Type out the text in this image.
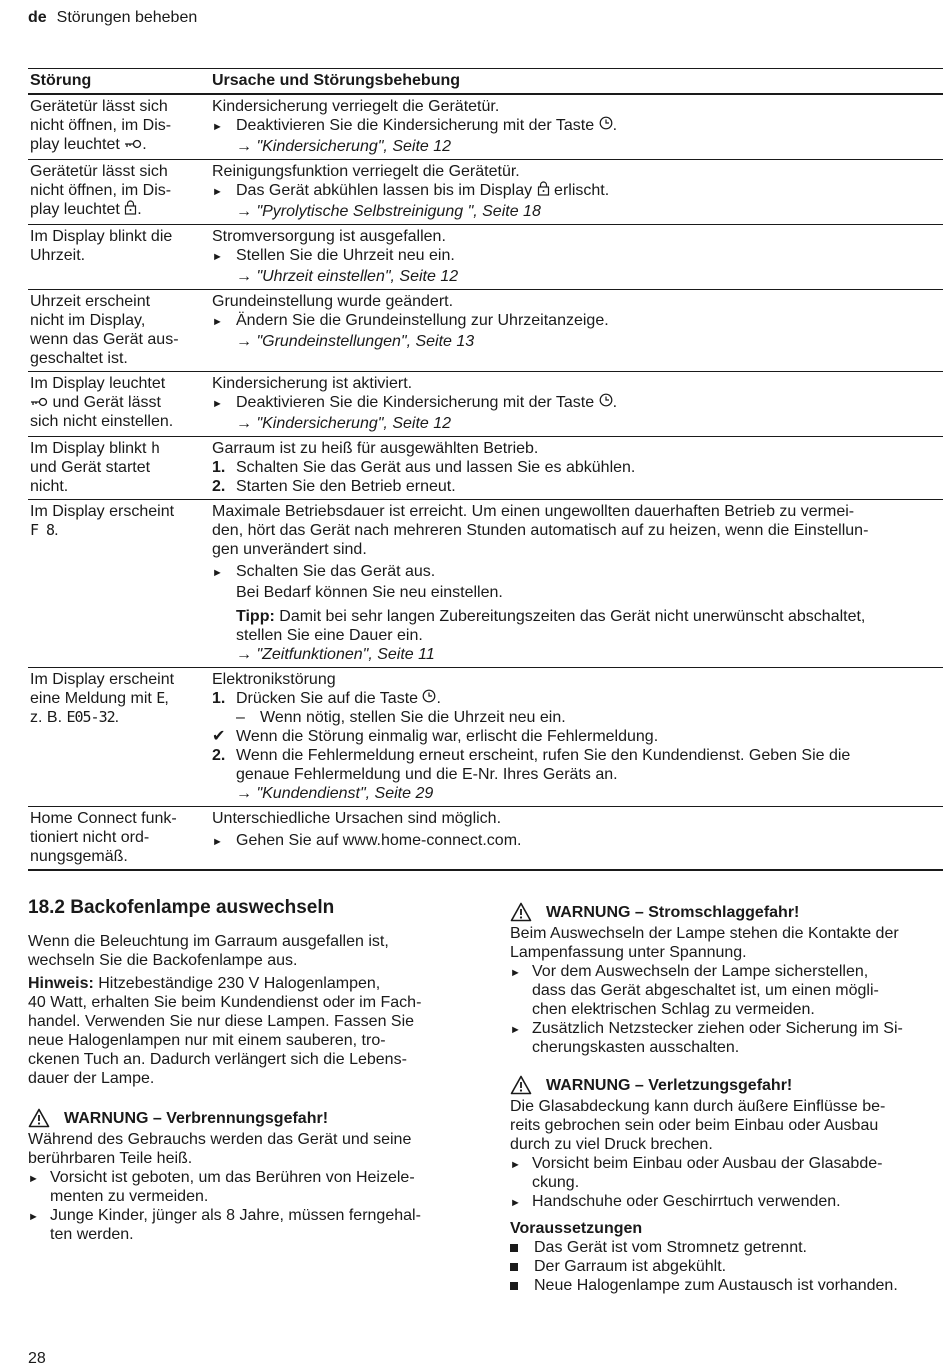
de Störungen beheben
Störung	Ursache und Störungsbehebung
Gerätetür lässt sich
nicht öffnen, im Dis-
play leuchtet .
Kindersicherung verriegelt die Gerätetür.
► Deaktivieren Sie die Kindersicherung mit der Taste .
→ "Kindersicherung", Seite 12
Gerätetür lässt sich
nicht öffnen, im Dis-
play leuchtet .
Reinigungsfunktion verriegelt die Gerätetür.
► Das Gerät abkühlen lassen bis im Display erlischt.
→ "Pyrolytische Selbstreinigung ", Seite 18
Im Display blinkt die
Uhrzeit.
Stromversorgung ist ausgefallen.
► Stellen Sie die Uhrzeit neu ein.
→ "Uhrzeit einstellen", Seite 12
Uhrzeit erscheint
nicht im Display,
wenn das Gerät aus-
geschaltet ist.
Grundeinstellung wurde geändert.
► Ändern Sie die Grundeinstellung zur Uhrzeitanzeige.
→ "Grundeinstellungen", Seite 13
Im Display leuchtet
und Gerät lässt
sich nicht einstellen.
Kindersicherung ist aktiviert.
► Deaktivieren Sie die Kindersicherung mit der Taste .
→ "Kindersicherung", Seite 12
Im Display blinkt h
und Gerät startet
nicht.
Garraum ist zu heiß für ausgewählten Betrieb.
1. Schalten Sie das Gerät aus und lassen Sie es abkühlen.
2. Starten Sie den Betrieb erneut.
Im Display erscheint
F 8.
Maximale Betriebsdauer ist erreicht. Um einen ungewollten dauerhaften Betrieb zu vermei-
den, hört das Gerät nach mehreren Stunden automatisch auf zu heizen, wenn die Einstellun-
gen unverändert sind.
► Schalten Sie das Gerät aus.
Bei Bedarf können Sie neu einstellen.
Tipp: Damit bei sehr langen Zubereitungszeiten das Gerät nicht unerwünscht abschaltet,
stellen Sie eine Dauer ein.
→ "Zeitfunktionen", Seite 11
Im Display erscheint
eine Meldung mit E,
z. B. E05-32.
Elektronikstörung
1. Drücken Sie auf die Taste .
– Wenn nötig, stellen Sie die Uhrzeit neu ein.
✔ Wenn die Störung einmalig war, erlischt die Fehlermeldung.
2. Wenn die Fehlermeldung erneut erscheint, rufen Sie den Kundendienst. Geben Sie die
genaue Fehlermeldung und die E-Nr. Ihres Geräts an.
→ "Kundendienst", Seite 29
Home Connect funk-
tioniert nicht ord-
nungsgemäß.
Unterschiedliche Ursachen sind möglich.
► Gehen Sie auf www.home-connect.com.
18.2 Backofenlampe auswechseln
Wenn die Beleuchtung im Garraum ausgefallen ist,
wechseln Sie die Backofenlampe aus.
Hinweis: Hitzebeständige 230 V Halogenlampen,
40 Watt, erhalten Sie beim Kundendienst oder im Fach-
handel. Verwenden Sie nur diese Lampen. Fassen Sie
neue Halogenlampen nur mit einem sauberen, tro-
ckenen Tuch an. Dadurch verlängert sich die Lebens-
dauer der Lampe.
WARNUNG – Verbrennungsgefahr!
Während des Gebrauchs werden das Gerät und seine
berührbaren Teile heiß.
► Vorsicht ist geboten, um das Berühren von Heizele-
menten zu vermeiden.
► Junge Kinder, jünger als 8 Jahre, müssen ferngehal-
ten werden.
WARNUNG – Stromschlaggefahr!
Beim Auswechseln der Lampe stehen die Kontakte der
Lampenfassung unter Spannung.
► Vor dem Auswechseln der Lampe sicherstellen,
dass das Gerät abgeschaltet ist, um einen mögli-
chen elektrischen Schlag zu vermeiden.
► Zusätzlich Netzstecker ziehen oder Sicherung im Si-
cherungskasten ausschalten.
WARNUNG – Verletzungsgefahr!
Die Glasabdeckung kann durch äußere Einflüsse be-
reits gebrochen sein oder beim Einbau oder Ausbau
durch zu viel Druck brechen.
► Vorsicht beim Einbau oder Ausbau der Glasabde-
ckung.
► Handschuhe oder Geschirrtuch verwenden.
Voraussetzungen
Das Gerät ist vom Stromnetz getrennt.
Der Garraum ist abgekühlt.
Neue Halogenlampe zum Austausch ist vorhanden.
28
